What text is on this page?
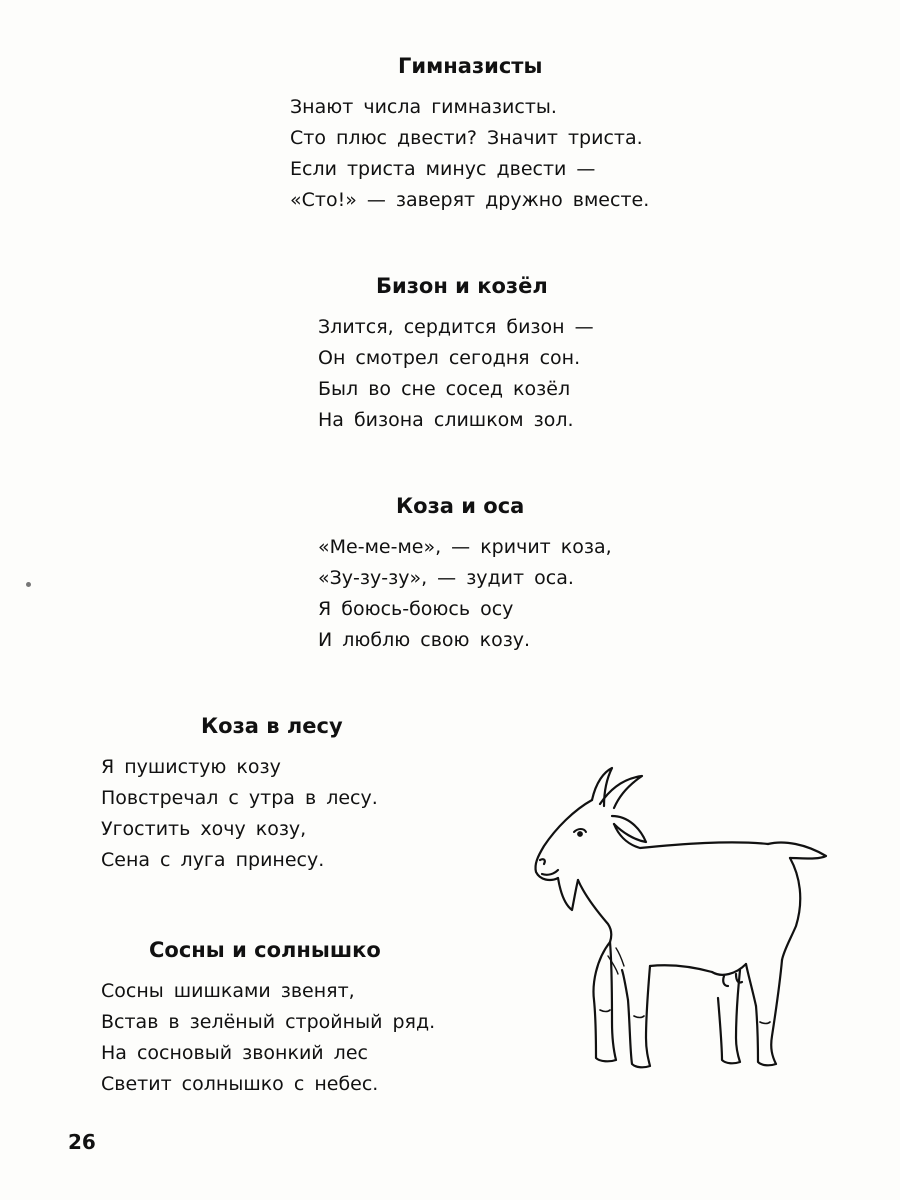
Гимназисты
Знают числа гимназисты.
Сто плюс двести? Значит триста.
Если триста минус двести —
«Сто!» — заверят дружно вместе.
Бизон и козёл
Злится, сердится бизон —
Он смотрел сегодня сон.
Был во сне сосед козёл
На бизона слишком зол.
Коза и оса
«Ме-ме-ме», — кричит коза,
«Зу-зу-зу», — зудит оса.
Я боюсь-боюсь осу
И люблю свою козу.
Коза в лесу
Я пушистую козу
Повстречал с утра в лесу.
Угостить хочу козу,
Сена с луга принесу.
Сосны и солнышко
Сосны шишками звенят,
Встав в зелёный стройный ряд.
На сосновый звонкий лес
Светит солнышко с небес.
26
